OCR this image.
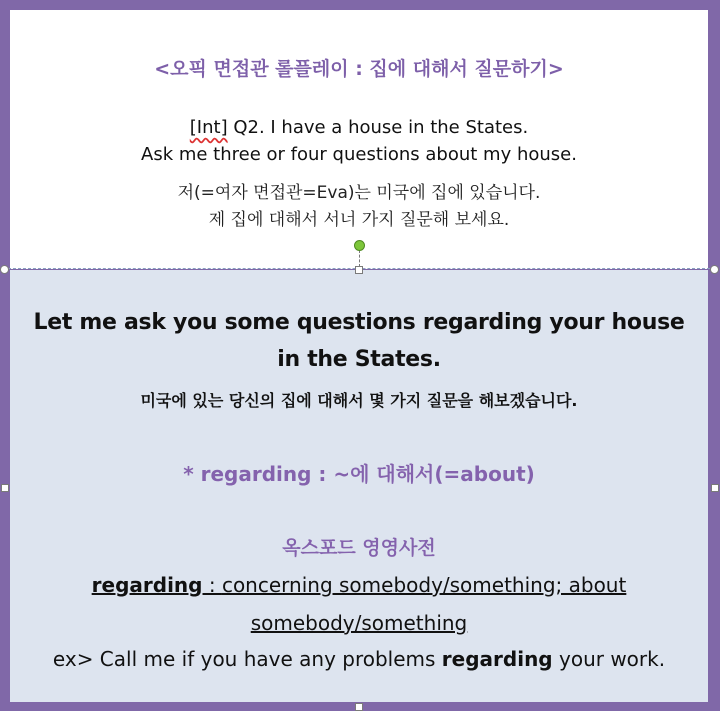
<오픽 면접관 롤플레이 : 집에 대해서 질문하기>
[Int] Q2. I have a house in the States.
Ask me three or four questions about my house.
저(=여자 면접관=Eva)는 미국에 집에 있습니다.
제 집에 대해서 서너 가지 질문해 보세요.
Let me ask you some questions regarding your house in the States.
미국에 있는 당신의 집에 대해서 몇 가지 질문을 해보겠습니다.
* regarding : ~에 대해서(=about)
옥스포드 영영사전
regarding : concerning somebody/something; about somebody/something
ex> Call me if you have any problems regarding your work.
